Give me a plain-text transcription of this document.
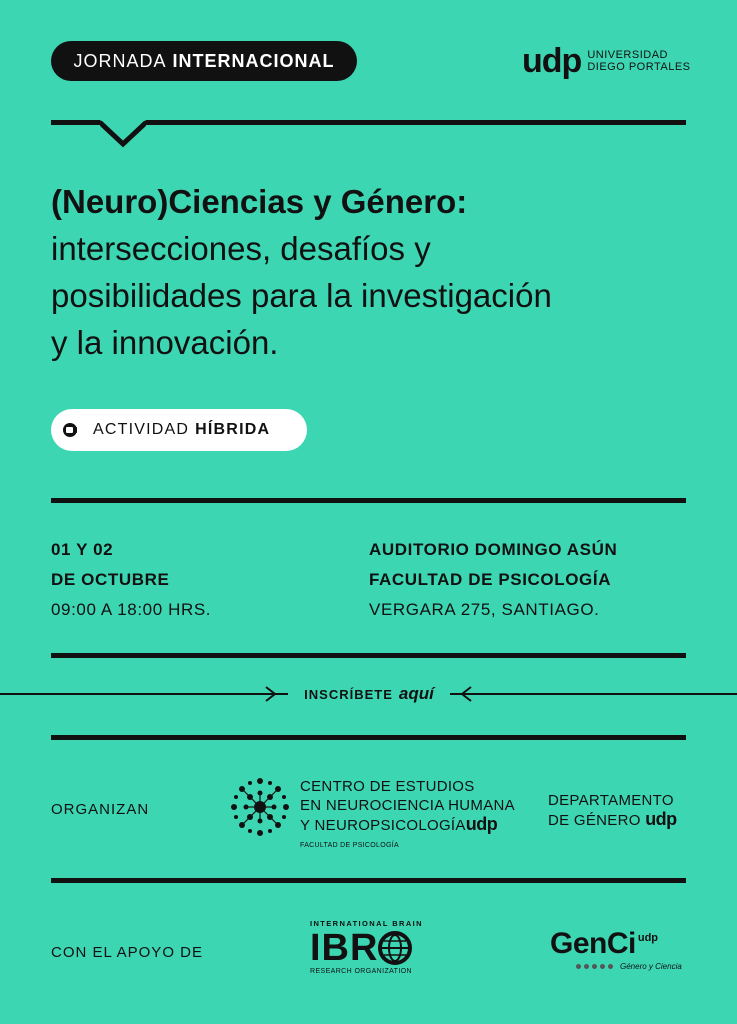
JORNADA INTERNACIONAL	udp UNIVERSIDAD
DIEGO PORTALES
(Neuro)Ciencias y Género:
intersecciones, desafíos y
posibilidades para la investigación
y la innovación.
ACTIVIDAD HÍBRIDA
01 Y 02
DE OCTUBRE
09:00 A 18:00 HRS.
AUDITORIO DOMINGO ASÚN
FACULTAD DE PSICOLOGÍA
VERGARA 275, SANTIAGO.
INSCRÍBETE aquí
ORGANIZAN
CENTRO DE ESTUDIOS
EN NEUROCIENCIA HUMANA
Y NEUROPSICOLOGÍAudp
FACULTAD DE PSICOLOGÍA
DEPARTAMENTO
DE GÉNERO udp
CON EL APOYO DE
INTERNATIONAL BRAIN
IBR
RESEARCH ORGANIZATION
GenCi $^{udp}$
Género y Ciencia
